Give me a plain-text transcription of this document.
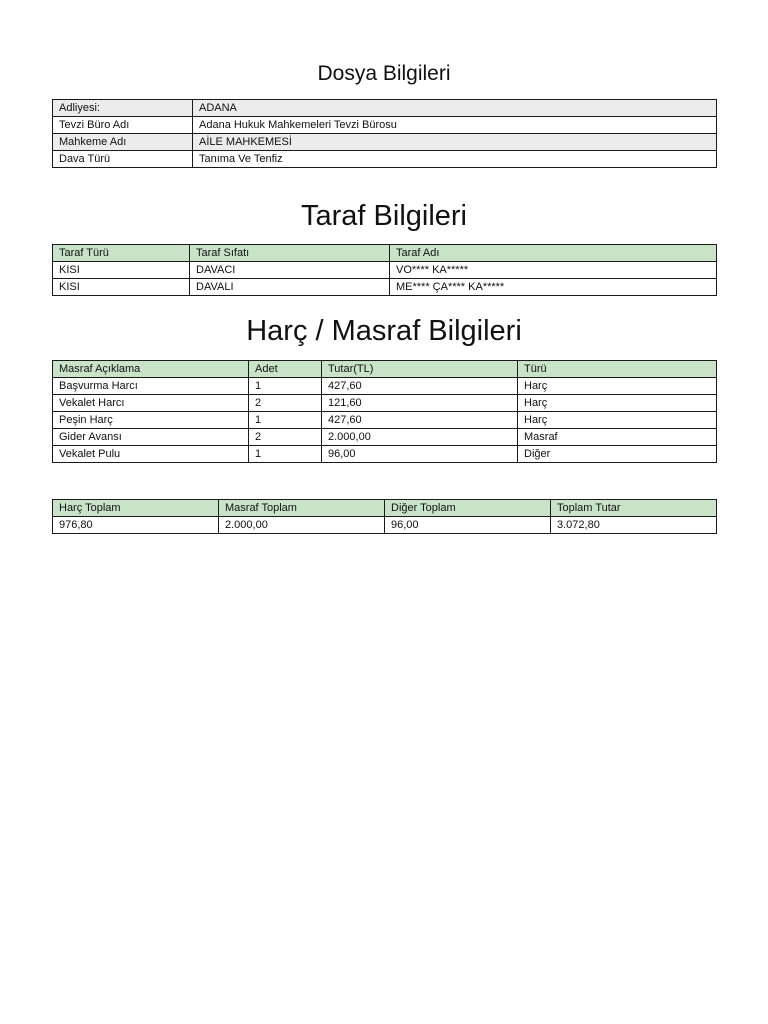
Dosya Bilgileri
Adliyesi:	ADANA
Tevzi Büro Adı	Adana Hukuk Mahkemeleri Tevzi Bürosu
Mahkeme Adı	AİLE MAHKEMESİ
Dava Türü	Tanıma Ve Tenfiz
Taraf Bilgileri
Taraf Türü	Taraf Sıfatı	Taraf Adı
KISI	DAVACI	VO**** KA*****
KISI	DAVALI	ME**** ÇA**** KA*****
Harç / Masraf Bilgileri
Masraf Açıklama	Adet	Tutar(TL)	Türü
Başvurma Harcı	1	427,60	Harç
Vekalet Harcı	2	121,60	Harç
Peşin Harç	1	427,60	Harç
Gider Avansı	2	2.000,00	Masraf
Vekalet Pulu	1	96,00	Diğer
Harç Toplam	Masraf Toplam	Diğer Toplam	Toplam Tutar
976,80	2.000,00	96,00	3.072,80
